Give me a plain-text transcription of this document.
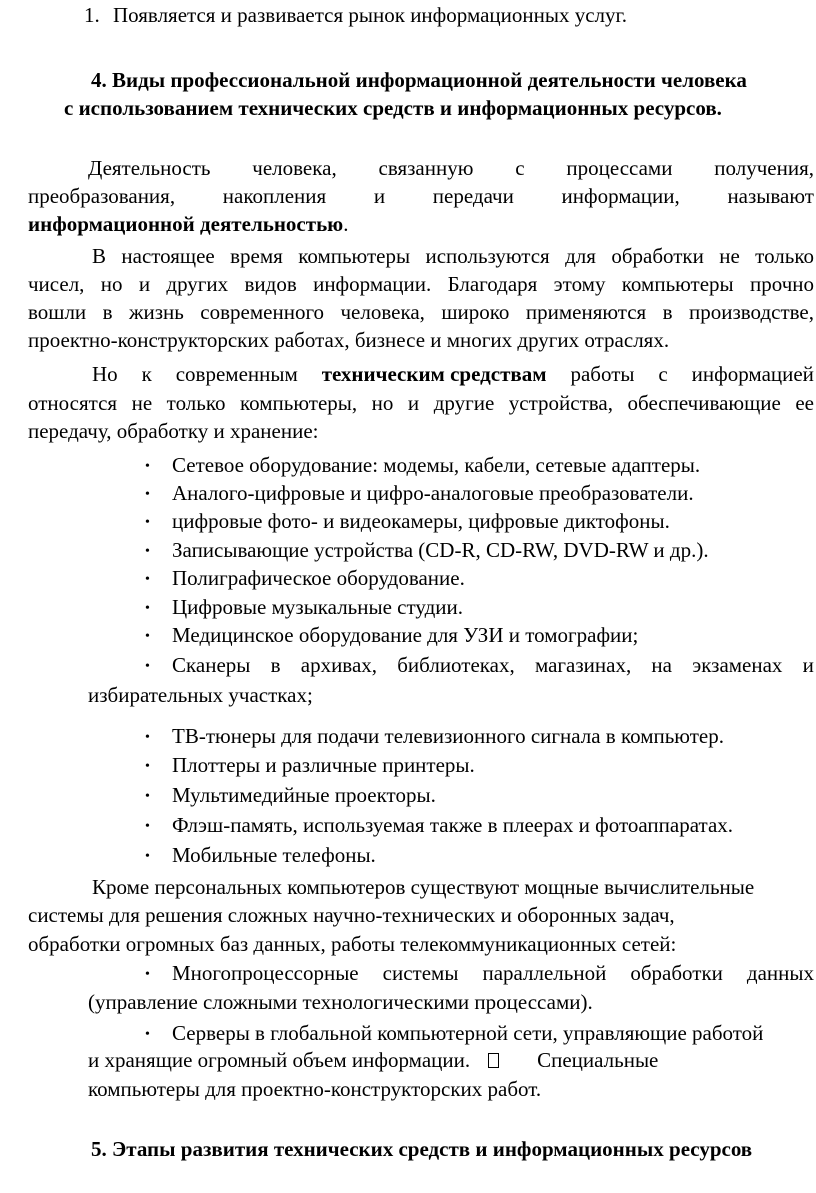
1. Появляется и развивается рынок информационных услуг.
4. Виды профессиональной информационной деятельности человека
с использованием технических средств и информационных ресурсов.
Деятельность человека, связанную с процессами получения,
преобразования, накопления и передачи информации, называют
информационной деятельностью.
В настоящее время компьютеры используются для обработки не только
чисел, но и других видов информации. Благодаря этому компьютеры прочно
вошли в жизнь современного человека, широко применяются в производстве,
проектно-конструкторских работах, бизнесе и многих других отраслях.
Но к современным техническим средствам работы с информацией
относятся не только компьютеры, но и другие устройства, обеспечивающие ее
передачу, обработку и хранение:
• Сетевое оборудование: модемы, кабели, сетевые адаптеры.
• Аналого-цифровые и цифро-аналоговые преобразователи.
• цифровые фото- и видеокамеры, цифровые диктофоны.
• Записывающие устройства (CD-R, CD-RW, DVD-RW и др.).
• Полиграфическое оборудование.
• Цифровые музыкальные студии.
• Медицинское оборудование для УЗИ и томографии;
• Сканеры в архивах, библиотеках, магазинах, на экзаменах и
избирательных участках;
• ТВ-тюнеры для подачи телевизионного сигнала в компьютер.
• Плоттеры и различные принтеры.
• Мультимедийные проекторы.
• Флэш-память, используемая также в плеерах и фотоаппаратах.
• Мобильные телефоны.
Кроме персональных компьютеров существуют мощные вычислительные
системы для решения сложных научно-технических и оборонных задач,
обработки огромных баз данных, работы телекоммуникационных сетей:
• Многопроцессорные системы параллельной обработки данных
(управление сложными технологическими процессами).
• Серверы в глобальной компьютерной сети, управляющие работой
и хранящие огромный объем информации.	Специальные
компьютеры для проектно-конструкторских работ.
5. Этапы развития технических средств и информационных ресурсов
